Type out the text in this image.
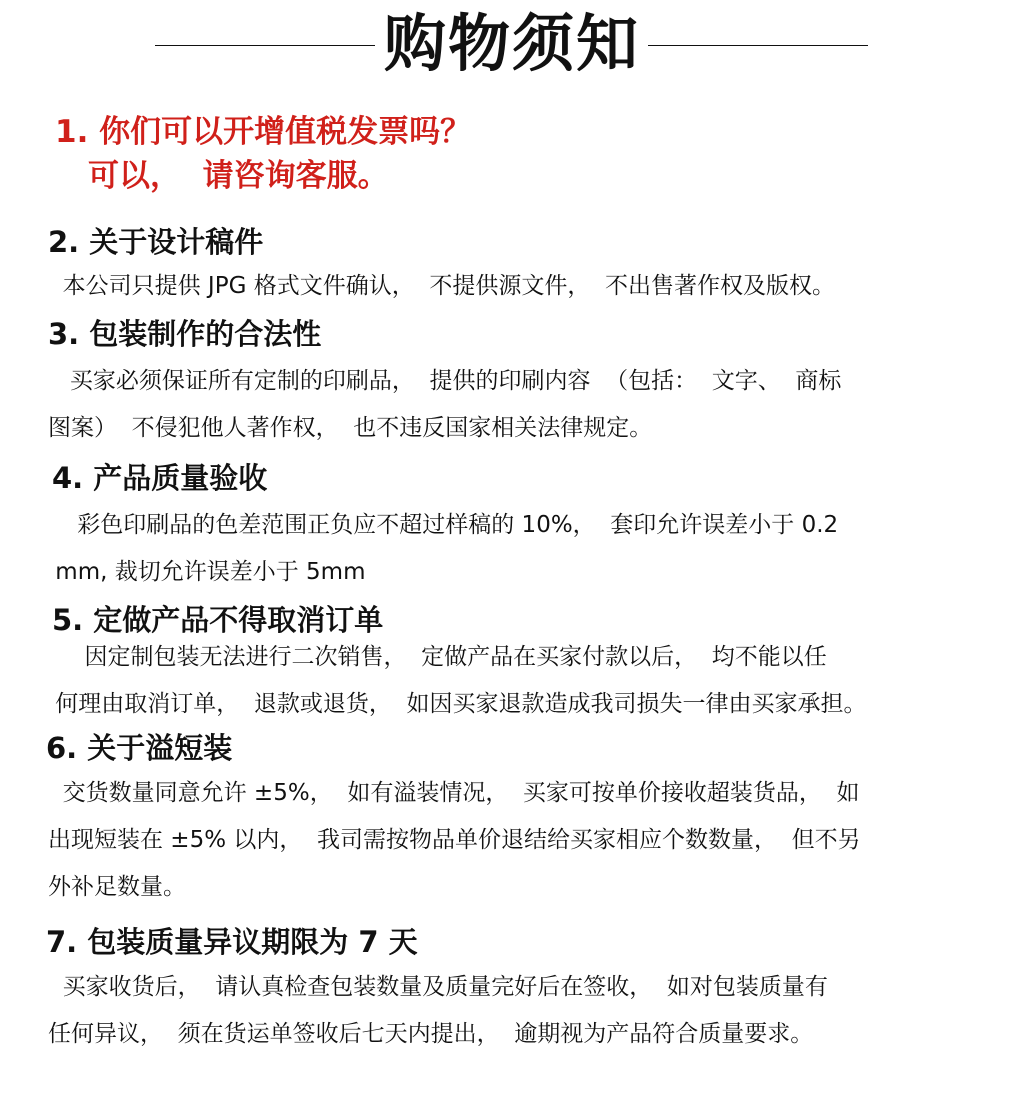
购物须知
1. 你们可以开增值税发票吗？
可以，  请咨询客服。
2. 关于设计稿件
本公司只提供 JPG 格式文件确认，  不提供源文件，  不出售著作权及版权。
3. 包装制作的合法性
买家必须保证所有定制的印刷品，  提供的印刷内容  （包括：  文字、  商标
图案）  不侵犯他人著作权，  也不违反国家相关法律规定。
4. 产品质量验收
彩色印刷品的色差范围正负应不超过样稿的 10%，  套印允许误差小于 0.2
mm, 裁切允许误差小于 5mm
5. 定做产品不得取消订单
因定制包装无法进行二次销售，  定做产品在买家付款以后，  均不能以任
何理由取消订单，  退款或退货，  如因买家退款造成我司损失一律由买家承担。
6. 关于溢短装
交货数量同意允许 ±5%，  如有溢装情况，  买家可按单价接收超装货品，  如
出现短装在 ±5% 以内，  我司需按物品单价退结给买家相应个数数量，  但不另
外补足数量。
7. 包装质量异议期限为 7 天
买家收货后，  请认真检查包装数量及质量完好后在签收，  如对包装质量有
任何异议，  须在货运单签收后七天内提出，  逾期视为产品符合质量要求。
